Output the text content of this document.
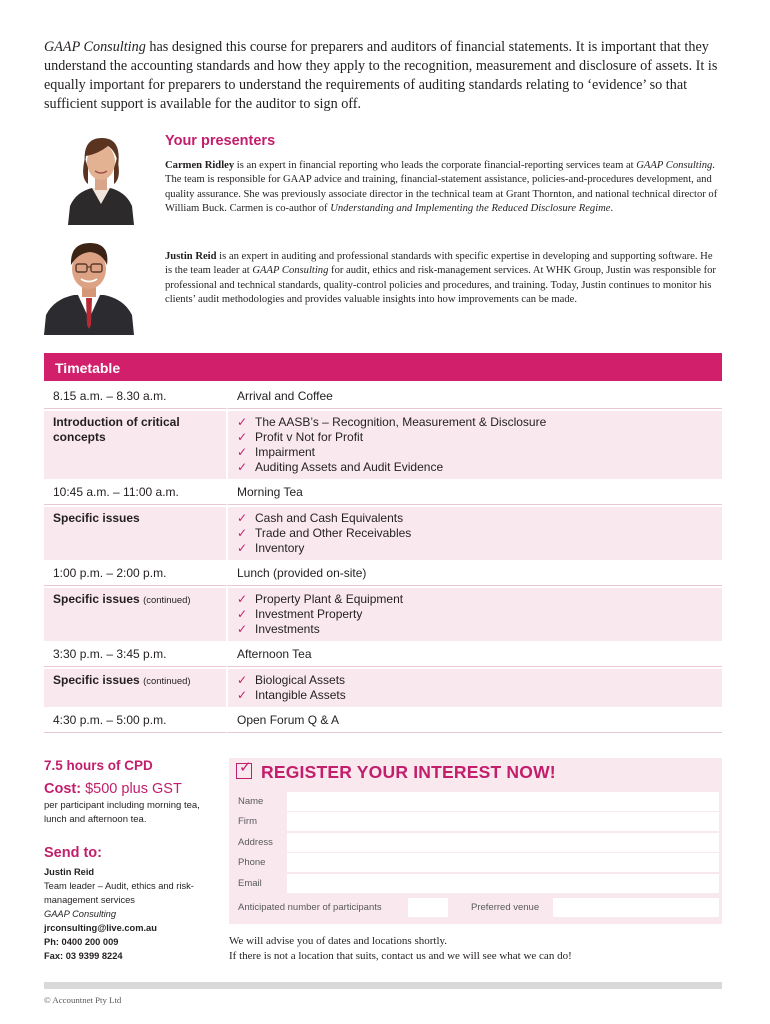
GAAP Consulting has designed this course for preparers and auditors of financial statements. It is important that they understand the accounting standards and how they apply to the recognition, measurement and disclosure of assets. It is equally important for preparers to understand the requirements of auditing standards relating to ‘evidence’ so that sufficient support is available for the auditor to sign off.
Your presenters
Carmen Ridley is an expert in financial reporting who leads the corporate financial-reporting services team at GAAP Consulting. The team is responsible for GAAP advice and training, financial-statement assistance, policies-and-procedures development, and quality assurance. She was previously associate director in the technical team at Grant Thornton, and national technical director of William Buck. Carmen is co-author of Understanding and Implementing the Reduced Disclosure Regime.
Justin Reid is an expert in auditing and professional standards with specific expertise in developing and supporting software. He is the team leader at GAAP Consulting for audit, ethics and risk-management services. At WHK Group, Justin was responsible for professional and technical standards, quality-control policies and procedures, and training. Today, Justin continues to monitor his clients’ audit methodologies and provides valuable insights into how improvements can be made.
Timetable
8.15 a.m. – 8.30 a.m.	Arrival and Coffee
Introduction of critical concepts	✓ The AASB’s – Recognition, Measurement & Disclosure
✓ Profit v Not for Profit
✓ Impairment
✓ Auditing Assets and Audit Evidence

10:45 a.m. – 11:00 a.m.	Morning Tea
Specific issues	✓ Cash and Cash Equivalents
✓ Trade and Other Receivables
✓ Inventory

1:00 p.m. – 2:00 p.m.	Lunch (provided on-site)
Specific issues (continued)	✓ Property Plant & Equipment
✓ Investment Property
✓ Investments

3:30 p.m. – 3:45 p.m.	Afternoon Tea
Specific issues (continued)	✓ Biological Assets
✓ Intangible Assets

4:30 p.m. – 5:00 p.m.	Open Forum Q & A
7.5 hours of CPD
Cost: $500 plus GST
per participant including morning tea, lunch and afternoon tea.
Send to:
Justin Reid
Team leader – Audit, ethics and risk-management services
GAAP Consulting
jrconsulting@live.com.au
Ph: 0400 200 009
Fax: 03 9399 8224
✓ REGISTER YOUR INTEREST NOW!
Name
Firm
Address
Phone
Email
Anticipated number of participants	Preferred venue
We will advise you of dates and locations shortly.
If there is not a location that suits, contact us and we will see what we can do!
© Accountnet Pty Ltd
